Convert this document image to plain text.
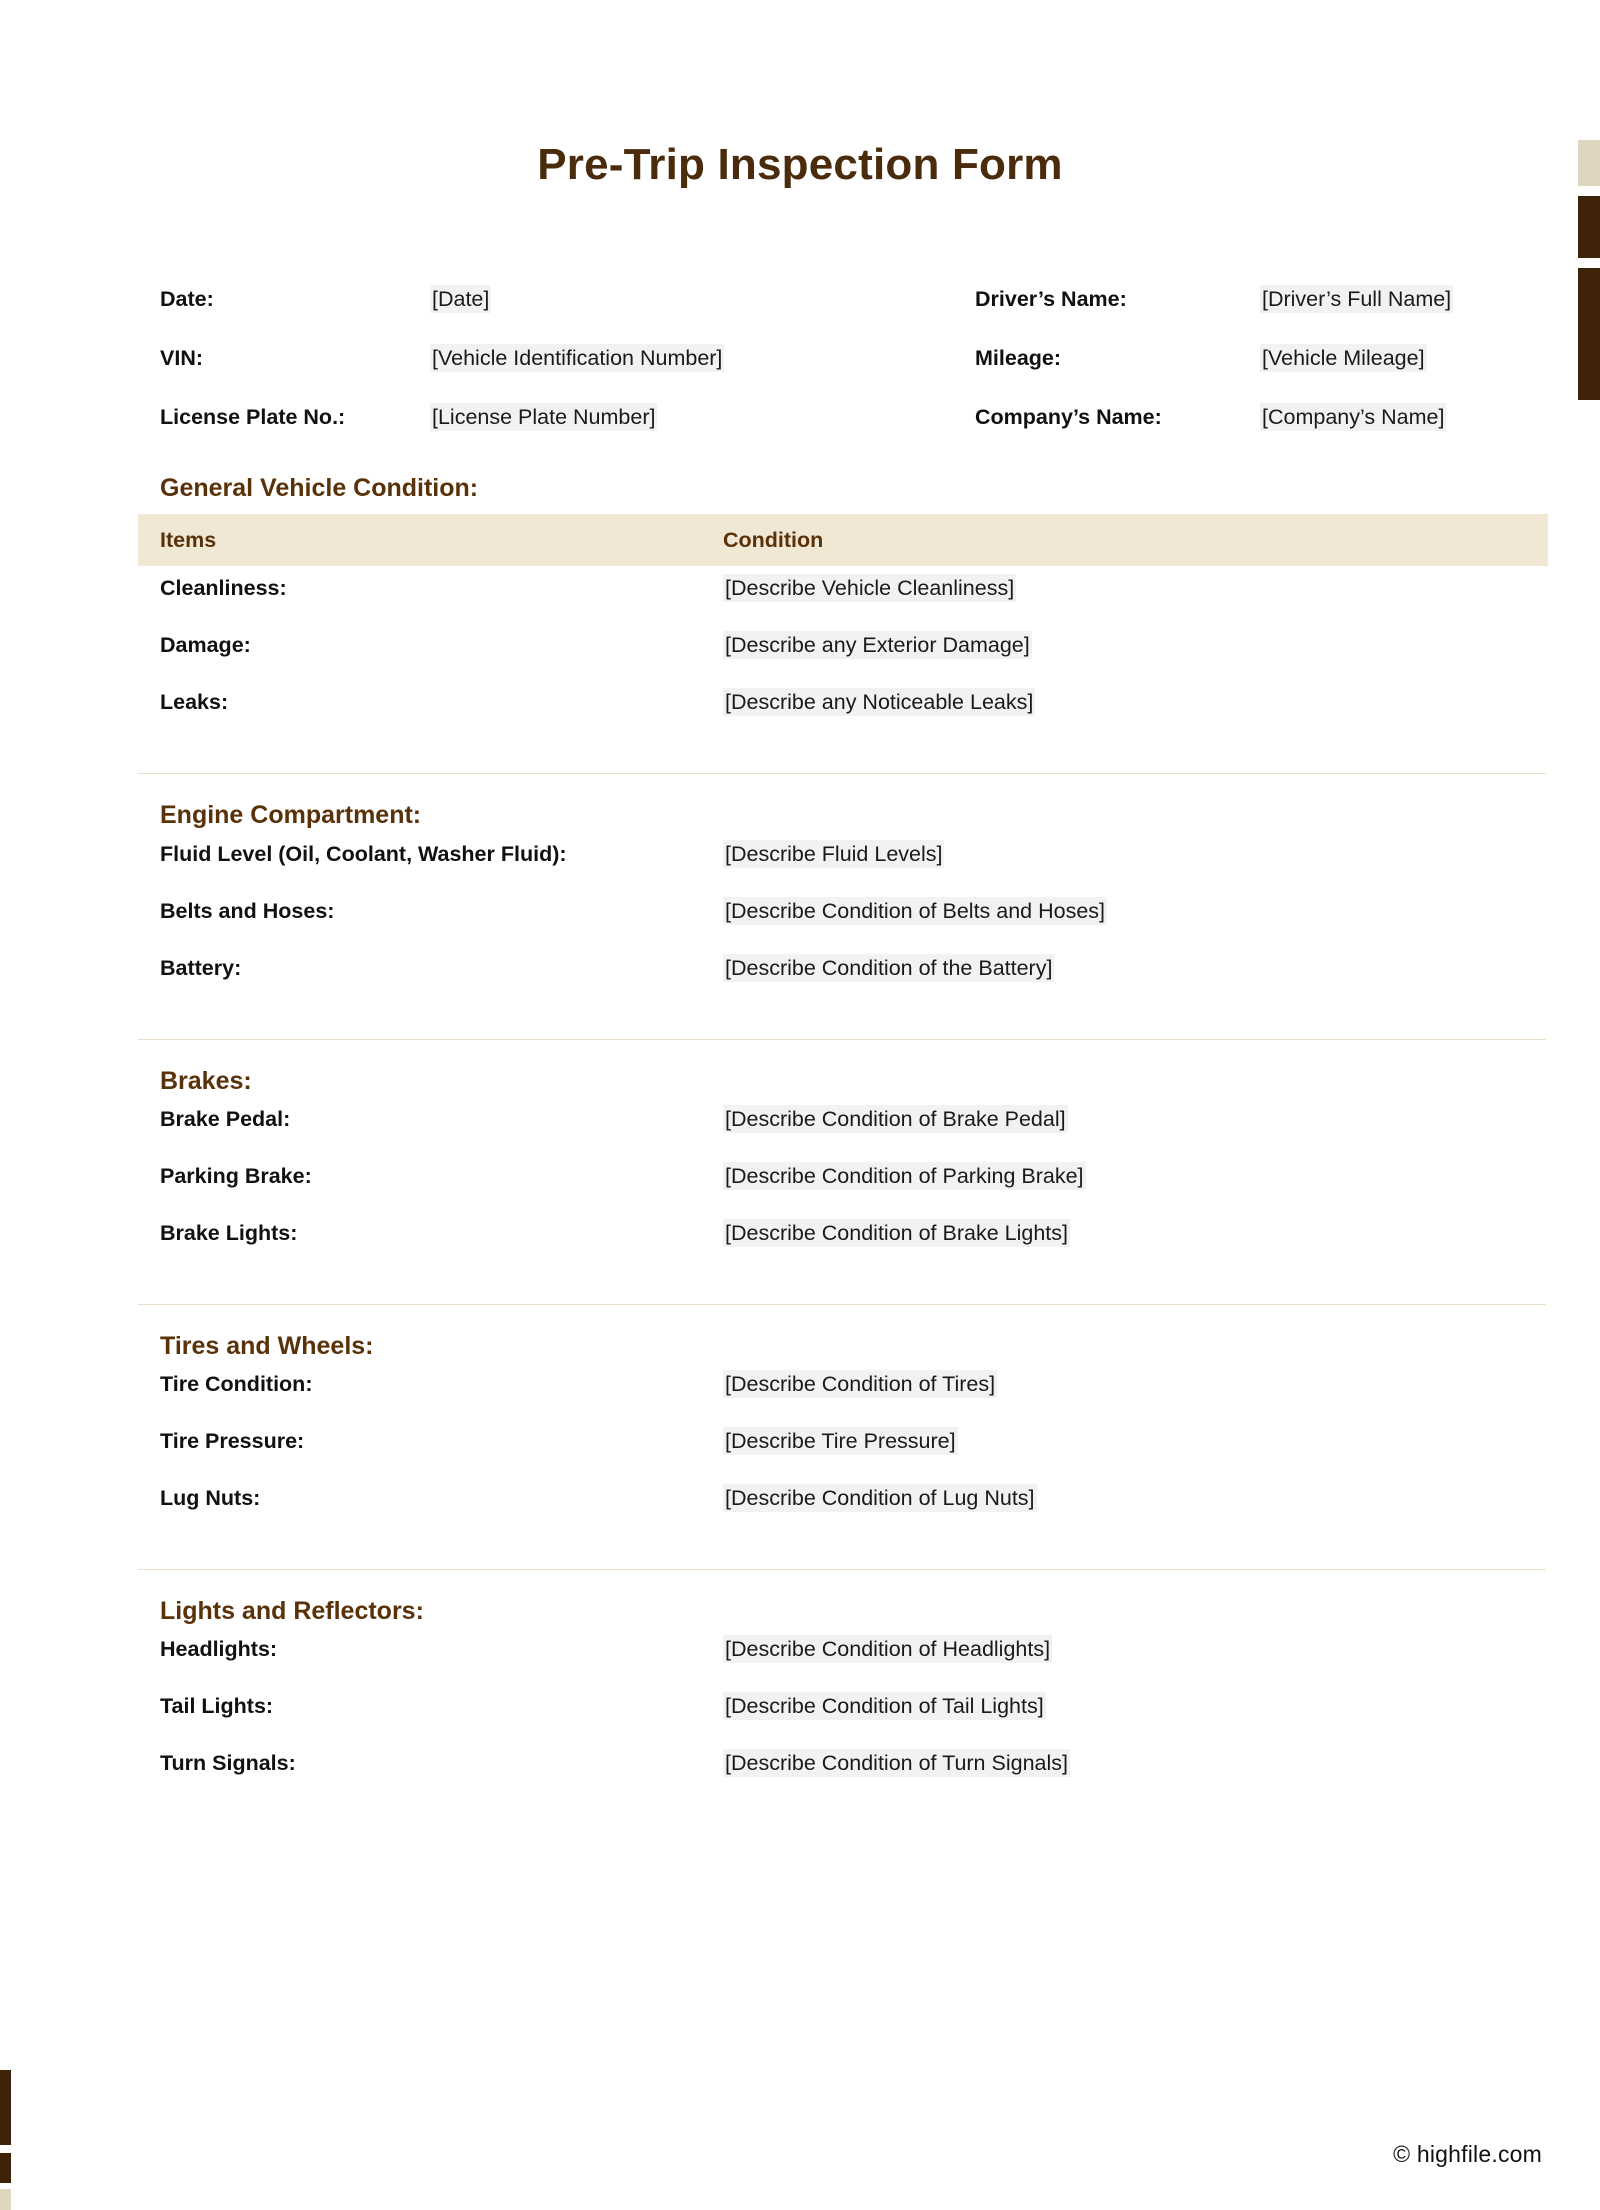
Pre-Trip Inspection Form
Date:	[Date]	Driver’s Name:	[Driver’s Full Name]
VIN:	[Vehicle Identification Number]	Mileage:	[Vehicle Mileage]
License Plate No.:	[License Plate Number]	Company’s Name:	[Company’s Name]
General Vehicle Condition:
Items	Condition
Cleanliness:	[Describe Vehicle Cleanliness]
Damage:	[Describe any Exterior Damage]
Leaks:	[Describe any Noticeable Leaks]
Engine Compartment:
Fluid Level (Oil, Coolant, Washer Fluid):	[Describe Fluid Levels]
Belts and Hoses:	[Describe Condition of Belts and Hoses]
Battery:	[Describe Condition of the Battery]
Brakes:
Brake Pedal:	[Describe Condition of Brake Pedal]
Parking Brake:	[Describe Condition of Parking Brake]
Brake Lights:	[Describe Condition of Brake Lights]
Tires and Wheels:
Tire Condition:	[Describe Condition of Tires]
Tire Pressure:	[Describe Tire Pressure]
Lug Nuts:	[Describe Condition of Lug Nuts]
Lights and Reflectors:
Headlights:	[Describe Condition of Headlights]
Tail Lights:	[Describe Condition of Tail Lights]
Turn Signals:	[Describe Condition of Turn Signals]
© highfile.com
